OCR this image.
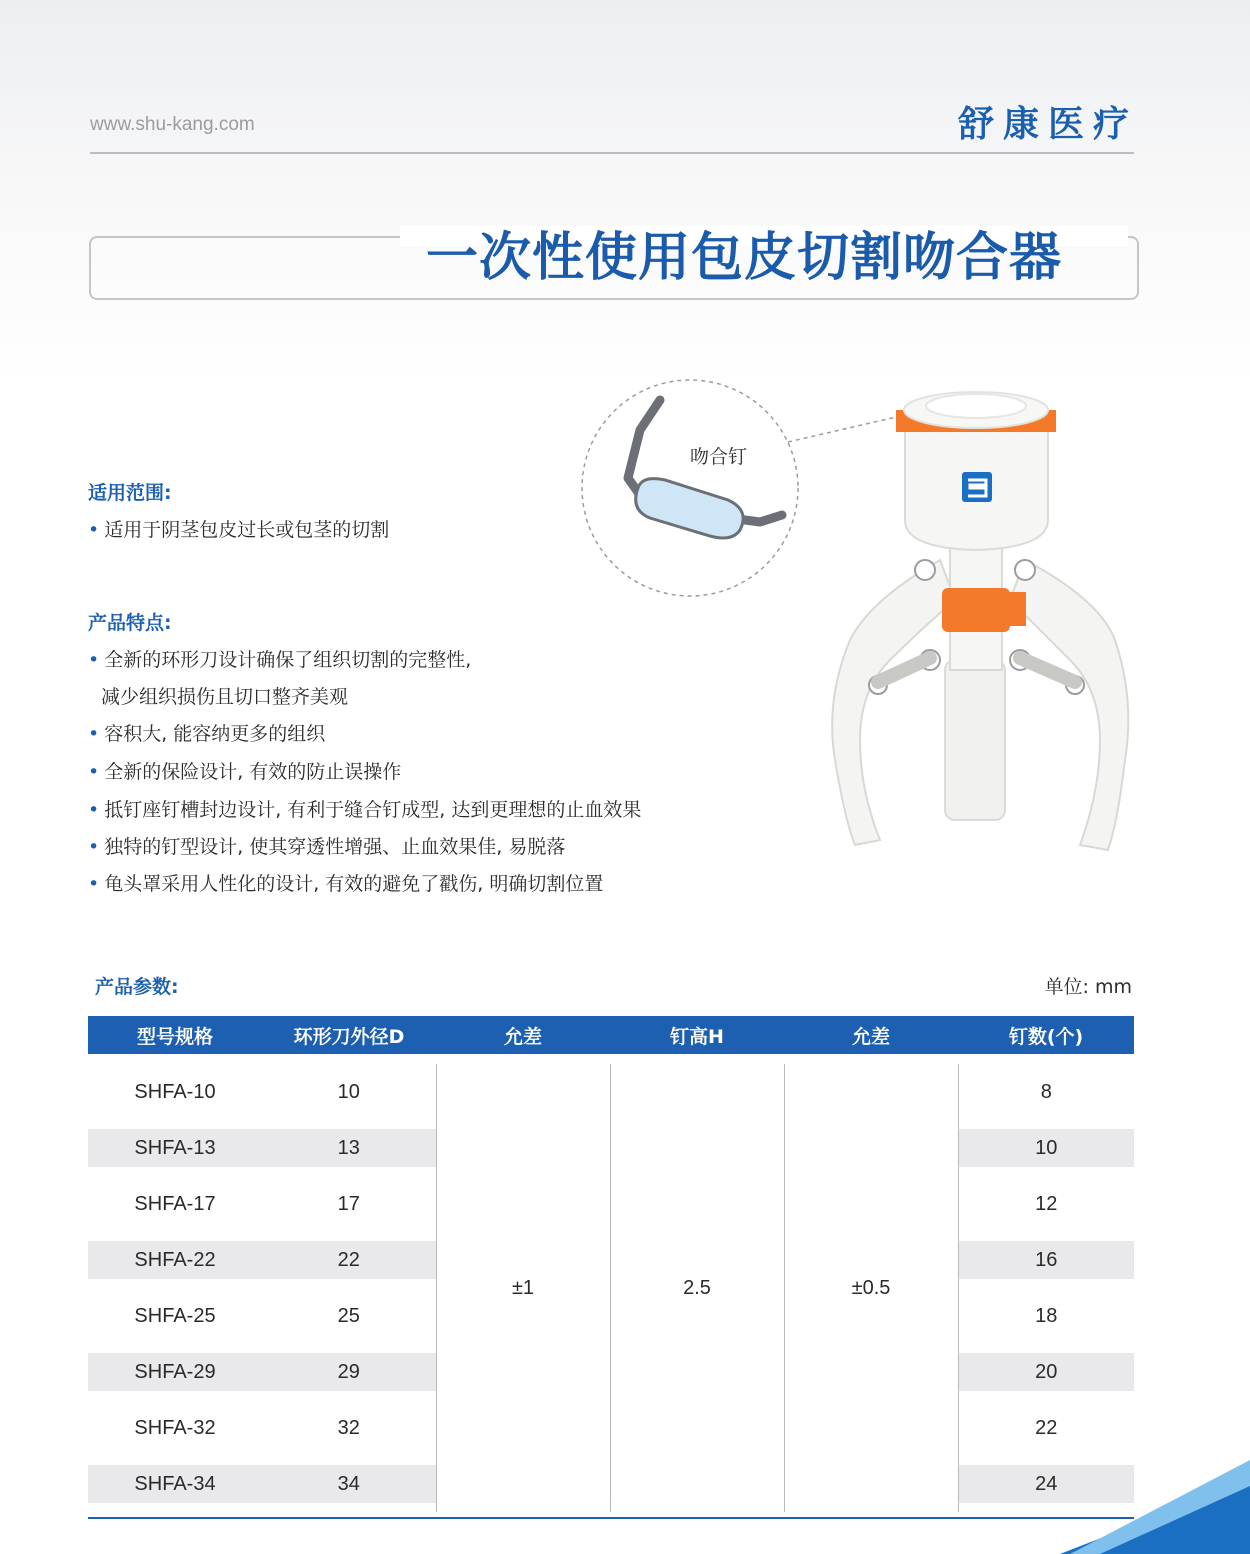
www.shu-kang.com	舒康医疗
一次性使用包皮切割吻合器
吻合钉
适用范围:
• 适用于阴茎包皮过长或包茎的切割
产品特点:
• 全新的环形刀设计确保了组织切割的完整性,
减少组织损伤且切口整齐美观
• 容积大, 能容纳更多的组织
• 全新的保险设计, 有效的防止误操作
• 抵钉座钉槽封边设计, 有利于缝合钉成型, 达到更理想的止血效果
• 独特的钉型设计, 使其穿透性增强、止血效果佳, 易脱落
• 龟头罩采用人性化的设计, 有效的避免了戳伤, 明确切割位置
产品参数:	单位: mm
型号规格	环形刀外径D	允差	钉高H	允差	钉数(个)

SHFA-10	10	±1	2.5	±0.5	8
SHFA-13	13				10
SHFA-17	17				12
SHFA-22	22				16
SHFA-25	25				18
SHFA-29	29				20
SHFA-32	32				22
SHFA-34	34				24
